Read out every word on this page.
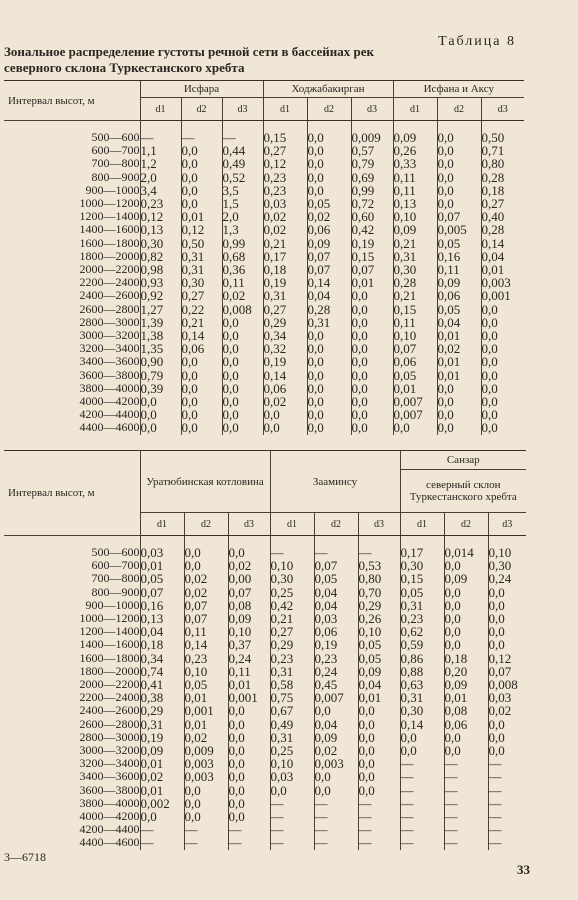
Таблица 8
Зональное распределение густоты речной сети в бассейнах рек
северного склона Туркестанского хребта
Интервал высот, м	Исфара			Ходжабакирган			Исфана и Аксу		
	d1	d2	d3	d1	d2	d3	d1	d2	d3

500—600	—	—	—	0,15	0,0	0,009	0,09	0,0	0,50
600—700	1,1	0,0	0,44	0,27	0,0	0,57	0,26	0,0	0,71
700—800	1,2	0,0	0,49	0,12	0,0	0,79	0,33	0,0	0,80
800—900	2,0	0,0	0,52	0,23	0,0	0,69	0,11	0,0	0,28
900—1000	3,4	0,0	3,5	0,23	0,0	0,99	0,11	0,0	0,18
1000—1200	0,23	0,0	1,5	0,03	0,05	0,72	0,13	0,0	0,27
1200—1400	0,12	0,01	2,0	0,02	0,02	0,60	0,10	0,07	0,40
1400—1600	0,13	0,12	1,3	0,02	0,06	0,42	0,09	0,005	0,28
1600—1800	0,30	0,50	0,99	0,21	0,09	0,19	0,21	0,05	0,14
1800—2000	0,82	0,31	0,68	0,17	0,07	0,15	0,31	0,16	0,04
2000—2200	0,98	0,31	0,36	0,18	0,07	0,07	0,30	0,11	0,01
2200—2400	0,93	0,30	0,11	0,19	0,14	0,01	0,28	0,09	0,003
2400—2600	0,92	0,27	0,02	0,31	0,04	0,0	0,21	0,06	0,001
2600—2800	1,27	0,22	0,008	0,27	0,28	0,0	0,15	0,05	0,0
2800—3000	1,39	0,21	0,0	0,29	0,31	0,0	0,11	0,04	0,0
3000—3200	1,38	0,14	0,0	0,34	0,0	0,0	0,10	0,01	0,0
3200—3400	1,35	0,06	0,0	0,32	0,0	0,0	0,07	0,02	0,0
3400—3600	0,90	0,0	0,0	0,19	0,0	0,0	0,06	0,01	0,0
3600—3800	0,79	0,0	0,0	0,14	0,0	0,0	0,05	0,01	0,0
3800—4000	0,39	0,0	0,0	0,06	0,0	0,0	0,01	0,0	0,0
4000—4200	0,0	0,0	0,0	0,02	0,0	0,0	0,007	0,0	0,0
4200—4400	0,0	0,0	0,0	0,0	0,0	0,0	0,007	0,0	0,0
4400—4600	0,0	0,0	0,0	0,0	0,0	0,0	0,0	0,0	0,0
Интервал высот, м	Уратюбинская котловина			Зааминсу			Санзар		
							северный склон Туркестанского хребта		
	d1	d2	d3	d1	d2	d3	d1	d2	d3

500—600	0,03	0,0	0,0	—	—	—	0,17	0,014	0,10
600—700	0,01	0,0	0,02	0,10	0,07	0,53	0,30	0,0	0,30
700—800	0,05	0,02	0,00	0,30	0,05	0,80	0,15	0,09	0,24
800—900	0,07	0,02	0,07	0,25	0,04	0,70	0,05	0,0	0,0
900—1000	0,16	0,07	0,08	0,42	0,04	0,29	0,31	0,0	0,0
1000—1200	0,13	0,07	0,09	0,21	0,03	0,26	0,23	0,0	0,0
1200—1400	0,04	0,11	0,10	0,27	0,06	0,10	0,62	0,0	0,0
1400—1600	0,18	0,14	0,37	0,29	0,19	0,05	0,59	0,0	0,0
1600—1800	0,34	0,23	0,24	0,23	0,23	0,05	0,86	0,18	0,12
1800—2000	0,74	0,10	0,11	0,31	0,24	0,09	0,88	0,20	0,07
2000—2200	0,41	0,05	0,01	0,58	0,45	0,04	0,63	0,09	0,008
2200—2400	0,38	0,01	0,001	0,75	0,007	0,01	0,31	0,01	0,03
2400—2600	0,29	0,001	0,0	0,67	0,0	0,0	0,30	0,08	0,02
2600—2800	0,31	0,01	0,0	0,49	0,04	0,0	0,14	0,06	0,0
2800—3000	0,19	0,02	0,0	0,31	0,09	0,0	0,0	0,0	0,0
3000—3200	0,09	0,009	0,0	0,25	0,02	0,0	0,0	0,0	0,0
3200—3400	0,01	0,003	0,0	0,10	0,003	0,0	—	—	—
3400—3600	0,02	0,003	0,0	0,03	0,0	0,0	—	—	—
3600—3800	0,01	0,0	0,0	0,0	0,0	0,0	—	—	—
3800—4000	0,002	0,0	0,0	—	—	—	—	—	—
4000—4200	0,0	0,0	0,0	—	—	—	—	—	—
4200—4400	—	—	—	—	—	—	—	—	—
4400—4600	—	—	—	—	—	—	—	—	—
3—6718
33
